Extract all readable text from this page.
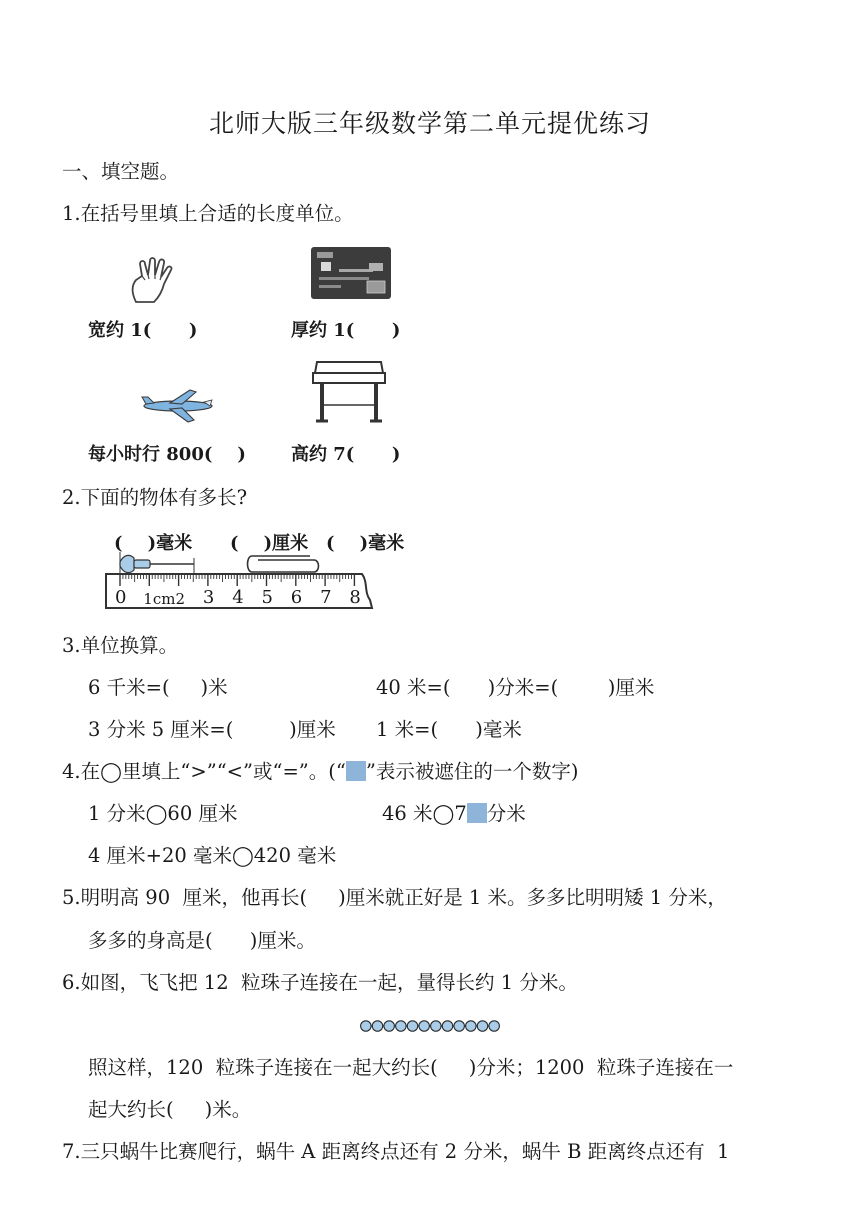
北师大版三年级数学第二单元提优练习
一、填空题。
1.在括号里填上合适的长度单位。
宽约 1(      )	厚约 1(      )
每小时行 800(    )	高约 7(      )
2.下面的物体有多长?
(    )毫米 (    )厘米 (    )毫米
0 1cm2 3 4 5 6 7 8
3.单位换算。
6 千米=(     )米	40 米=(      )分米=(        )厘米
3 分米 5 厘米=(         )厘米 1 米=(      )毫米
4.在◯里填上“>”“<”或“=”。(“ ”表示被遮住的一个数字)
1 分米◯60 厘米	46 米◯7 分米
4 厘米+20 毫米◯420 毫米
5.明明高 90  厘米，他再长(     )厘米就正好是 1 米。多多比明明矮 1 分米，
多多的身高是(      )厘米。
6.如图，飞飞把 12  粒珠子连接在一起，量得长约 1 分米。
照这样，120  粒珠子连接在一起大约长(     )分米；1200  粒珠子连接在一
起大约长(     )米。
7.三只蜗牛比赛爬行，蜗牛 A 距离终点还有 2 分米，蜗牛 B 距离终点还有  1
